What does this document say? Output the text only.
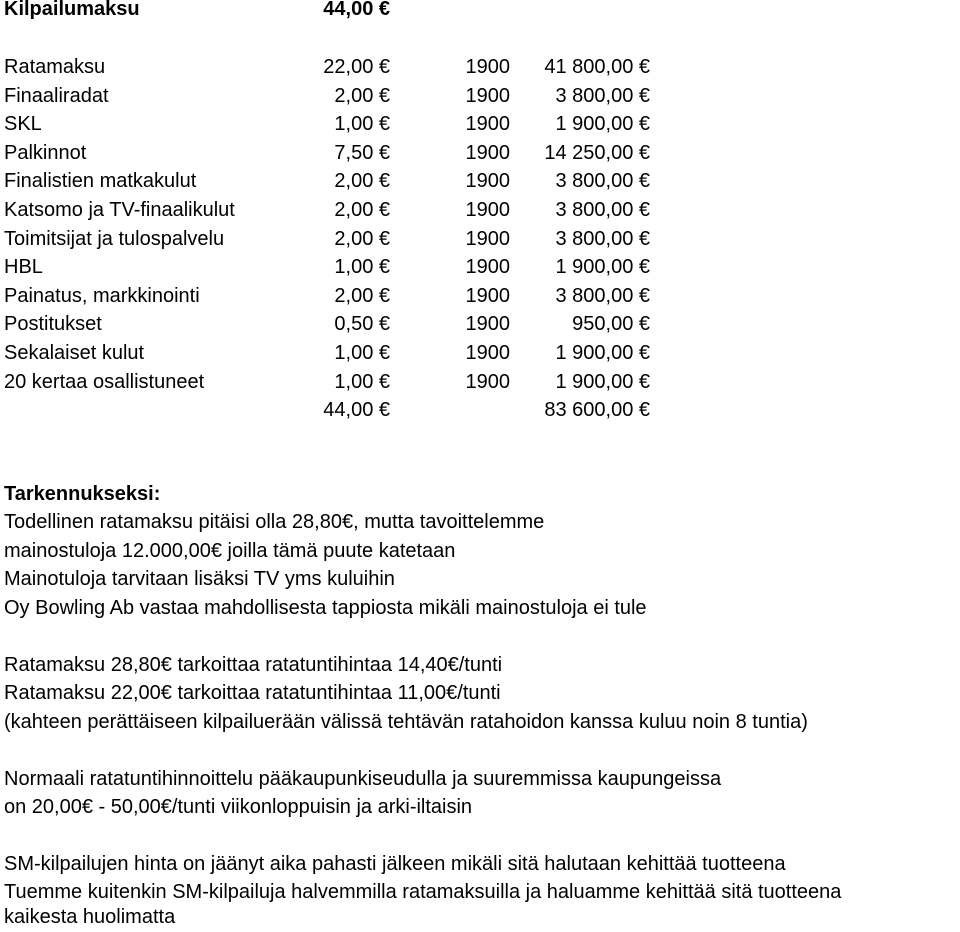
Kilpailumaksu	44,00 €
Ratamaksu	22,00 €	1900 41 800,00 €
Finaaliradat	2,00 €	1900 3 800,00 €
SKL	1,00 €	1900 1 900,00 €
Palkinnot	7,50 €	1900 14 250,00 €
Finalistien matkakulut	2,00 €	1900 3 800,00 €
Katsomo ja TV-finaalikulut	2,00 €	1900 3 800,00 €
Toimitsijat ja tulospalvelu	2,00 €	1900 3 800,00 €
HBL	1,00 €	1900 1 900,00 €
Painatus, markkinointi	2,00 €	1900 3 800,00 €
Postitukset	0,50 €	1900	950,00 €
Sekalaiset kulut	1,00 €	1900 1 900,00 €
20 kertaa osallistuneet	1,00 €	1900 1 900,00 €
44,00 €	83 600,00 €
Tarkennukseksi:
Todellinen ratamaksu pitäisi olla 28,80€, mutta tavoittelemme
mainostuloja 12.000,00€ joilla tämä puute katetaan
Mainotuloja tarvitaan lisäksi TV yms kuluihin
Oy Bowling Ab vastaa mahdollisesta tappiosta mikäli mainostuloja ei tule
Ratamaksu 28,80€ tarkoittaa ratatuntihintaa 14,40€/tunti
Ratamaksu 22,00€ tarkoittaa ratatuntihintaa 11,00€/tunti
(kahteen perättäiseen kilpailuerään välissä tehtävän ratahoidon kanssa kuluu noin 8 tuntia)
Normaali ratatuntihinnoittelu pääkaupunkiseudulla ja suuremmissa kaupungeissa
on 20,00€ - 50,00€/tunti viikonloppuisin ja arki-iltaisin
SM-kilpailujen hinta on jäänyt aika pahasti jälkeen mikäli sitä halutaan kehittää tuotteena
Tuemme kuitenkin SM-kilpailuja halvemmilla ratamaksuilla ja haluamme kehittää sitä tuotteena
kaikesta huolimatta
